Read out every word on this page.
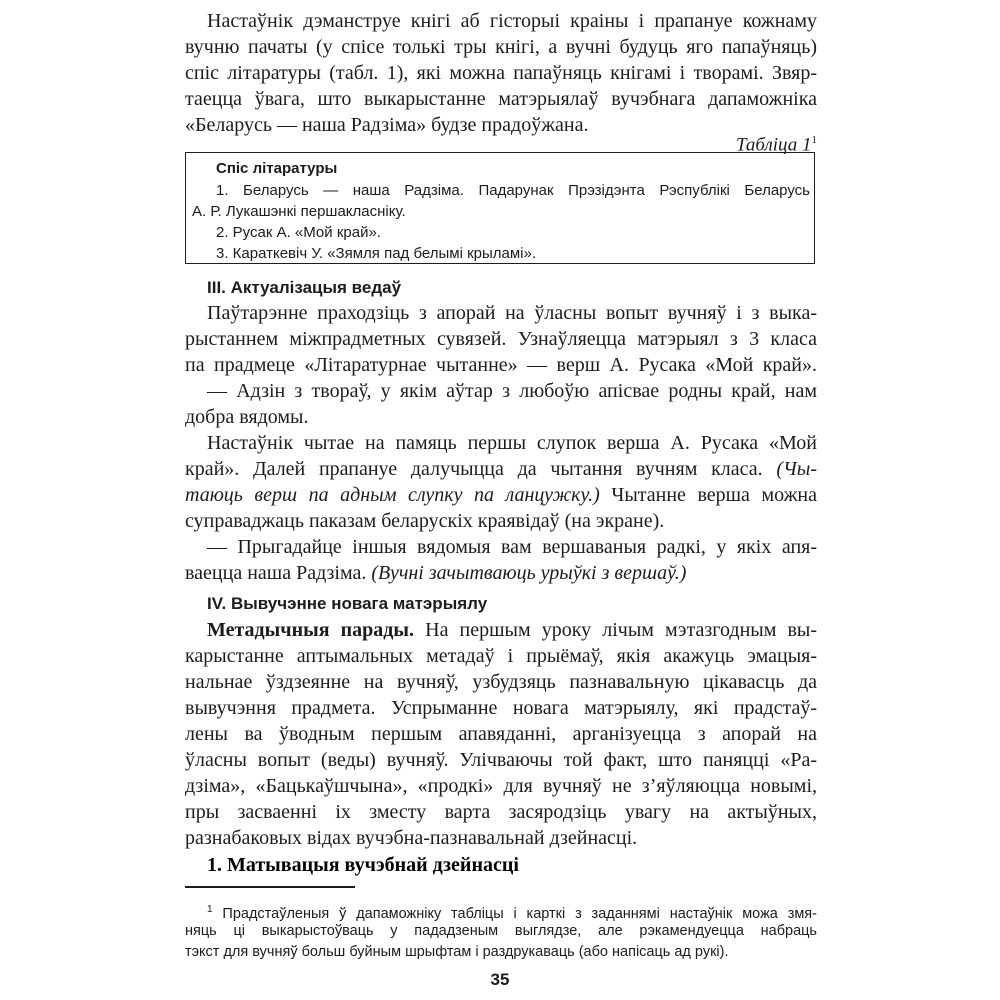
Настаўнік дэманструе кнігі аб гісторыі краіны і прапануе кожнаму
вучню пачаты (у спісе толькі тры кнігі, а вучні будуць яго папаўняць)
спіс літаратуры (табл. 1), які можна папаўняць кнігамі і творамі. Звяр-
таецца ўвага, што выкарыстанне матэрыялаў вучэбнага дапаможніка
«Беларусь — наша Радзіма» будзе прадоўжана.
Табліца $1^1$
Спіс літаратуры
1. Беларусь — наша Радзіма. Падарунак Прэзідэнта Рэспублікі Беларусь
А. Р. Лукашэнкі першакласніку.
2. Русак А. «Мой край».
3. Караткевіч У. «Зямля пад белымі крыламі».
III. Актуалізацыя ведаў
Паўтарэнне праходзіць з апорай на ўласны вопыт вучняў і з выка-
рыстаннем міжпрадметных сувязей. Узнаўляецца матэрыял з 3 класа
па прадмеце «Літаратурнае чытанне» — верш А. Русака «Мой край».
— Адзін з твораў, у якім аўтар з любоўю апісвае родны край, нам
добра вядомы.
Настаўнік чытае на памяць першы слупок верша А. Русака «Мой
край». Далей прапануе далучыцца да чытання вучням класа. (Чы-
таюць верш па адным слупку па ланцужку.) Чытанне верша можна
суправаджаць паказам беларускіх краявідаў (на экране).
— Прыгадайце іншыя вядомыя вам вершаваныя радкі, у якіх апя-
ваецца наша Радзіма. (Вучні зачытваюць урыўкі з вершаў.)
IV. Вывучэнне новага матэрыялу
Метадычныя парады. На першым уроку лічым мэтазгодным вы-
карыстанне аптымальных метадаў і прыёмаў, якія акажуць эмацыя-
нальнае ўздзеянне на вучняў, узбудзяць пазнавальную цікавасць да
вывучэння прадмета. Успрыманне новага матэрыялу, які прадстаў-
лены ва ўводным першым апавяданні, арганізуецца з апорай на
ўласны вопыт (веды) вучняў. Улічваючы той факт, што паняцці «Ра-
дзіма», «Бацькаўшчына», «продкі» для вучняў не з’яўляюцца новымі,
пры засваенні іх зместу варта засяродзіць увагу на актыўных,
разнабаковых відах вучэбна-пазнавальнай дзейнасці.
$^1$ Прадстаўленыя ў дапаможніку табліцы і карткі з заданнямі настаўнік можа змя-
няць ці выкарыстоўваць у пададзеным выглядзе, але рэкамендуецца набраць
тэкст для вучняў больш буйным шрыфтам і раздрукаваць (або напісаць ад рукі).
35
1. Матывацыя вучэбнай дзейнасці
